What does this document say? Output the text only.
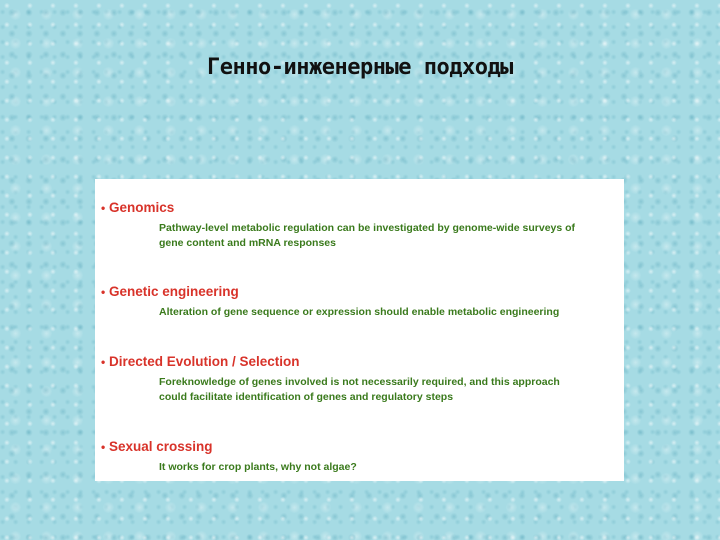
Генно-инженерные подходы
• Genomics
Pathway-level metabolic regulation can be investigated by genome-wide surveys of
gene content and mRNA responses
• Genetic engineering
Alteration of gene sequence or expression should enable metabolic engineering
• Directed Evolution / Selection
Foreknowledge of genes involved is not necessarily required, and this approach
could facilitate identification of genes and regulatory steps
• Sexual crossing
It works for crop plants, why not algae?
